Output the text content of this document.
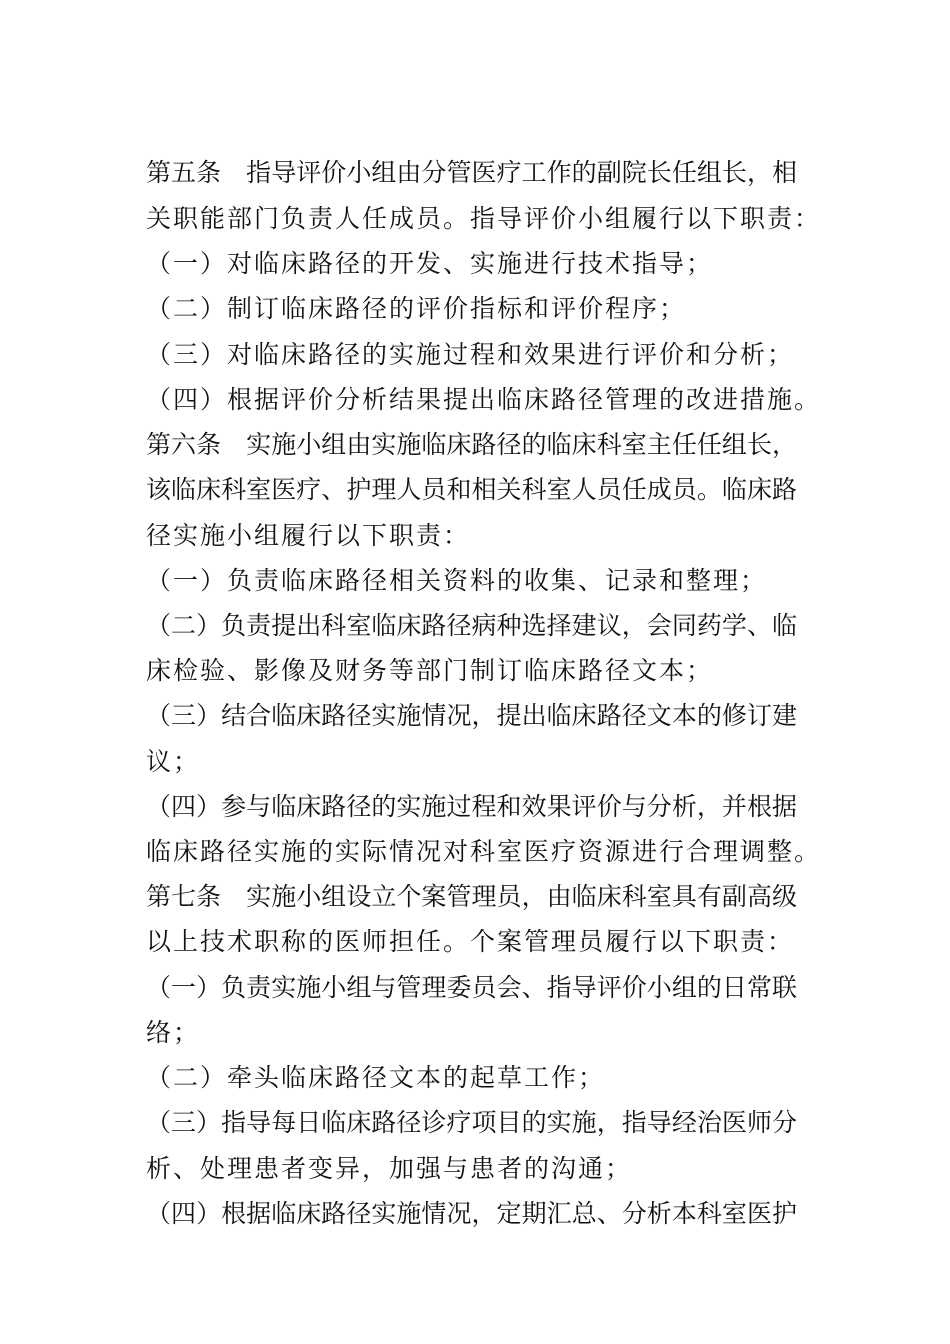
第五条　指导评价小组由分管医疗工作的副院长任组长，相
关职能部门负责人任成员。指导评价小组履行以下职责：
（一）对临床路径的开发、实施进行技术指导；
（二）制订临床路径的评价指标和评价程序；
（三）对临床路径的实施过程和效果进行评价和分析；
（四）根据评价分析结果提出临床路径管理的改进措施。
第六条　实施小组由实施临床路径的临床科室主任任组长，
该临床科室医疗、护理人员和相关科室人员任成员。临床路
径实施小组履行以下职责：
（一）负责临床路径相关资料的收集、记录和整理；
（二）负责提出科室临床路径病种选择建议，会同药学、临
床检验、影像及财务等部门制订临床路径文本；
（三）结合临床路径实施情况，提出临床路径文本的修订建
议；
（四）参与临床路径的实施过程和效果评价与分析，并根据
临床路径实施的实际情况对科室医疗资源进行合理调整。
第七条　实施小组设立个案管理员，由临床科室具有副高级
以上技术职称的医师担任。个案管理员履行以下职责：
（一）负责实施小组与管理委员会、指导评价小组的日常联
络；
（二）牵头临床路径文本的起草工作；
（三）指导每日临床路径诊疗项目的实施，指导经治医师分
析、处理患者变异，加强与患者的沟通；
（四）根据临床路径实施情况，定期汇总、分析本科室医护
